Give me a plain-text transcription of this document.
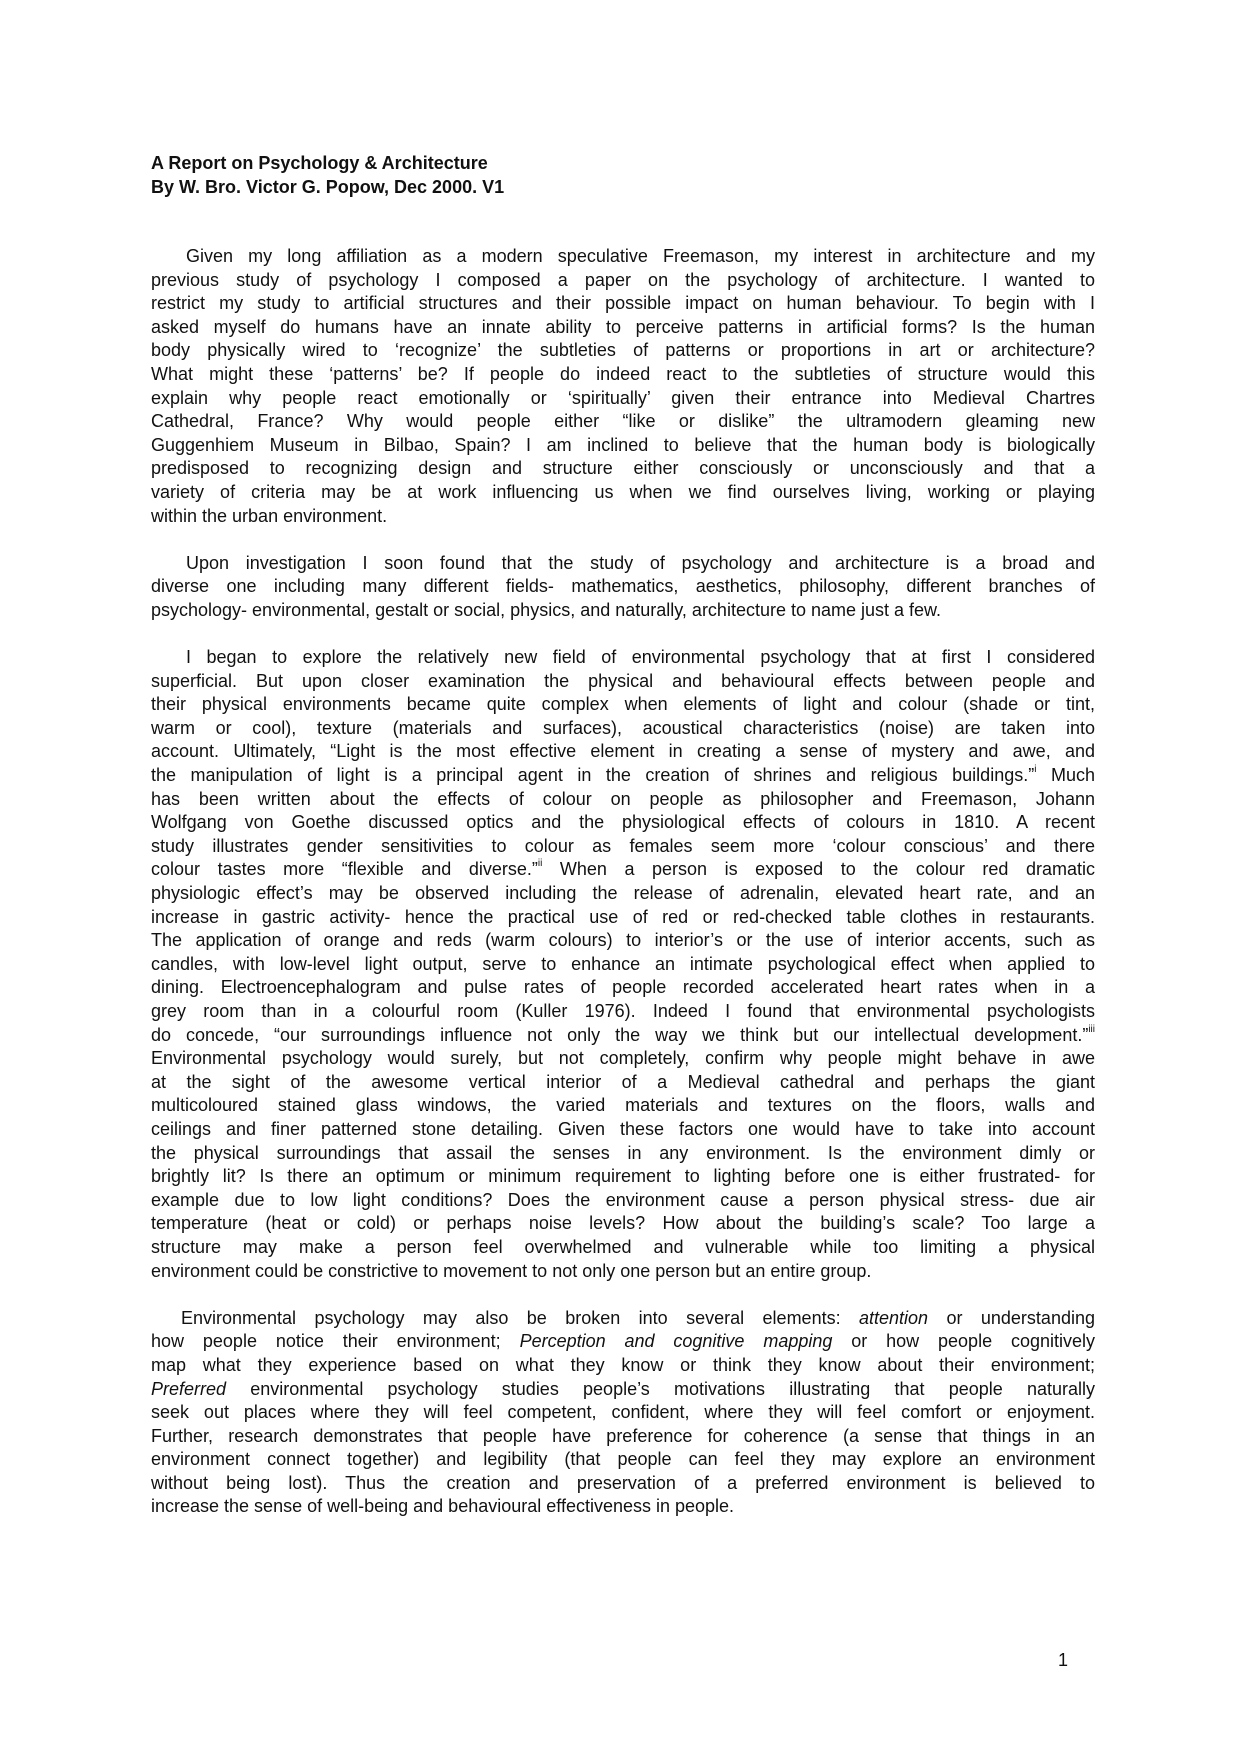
A Report on Psychology & Architecture
By W. Bro. Victor G. Popow, Dec 2000. V1
Given my long affiliation as a modern speculative Freemason, my interest in architecture and my
previous study of psychology I composed a paper on the psychology of architecture. I wanted to
restrict my study to artificial structures and their possible impact on human behaviour. To begin with I
asked myself do humans have an innate ability to perceive patterns in artificial forms? Is the human
body physically wired to ‘recognize’ the subtleties of patterns or proportions in art or architecture?
What might these ‘patterns’ be? If people do indeed react to the subtleties of structure would this
explain why people react emotionally or ‘spiritually’ given their entrance into Medieval Chartres
Cathedral, France? Why would people either “like or dislike” the ultramodern gleaming new
Guggenhiem Museum in Bilbao, Spain? I am inclined to believe that the human body is biologically
predisposed to recognizing design and structure either consciously or unconsciously and that a
variety of criteria may be at work influencing us when we find ourselves living, working or playing
within the urban environment.
Upon investigation I soon found that the study of psychology and architecture is a broad and
diverse one including many different fields- mathematics, aesthetics, philosophy, different branches of
psychology- environmental, gestalt or social, physics, and naturally, architecture to name just a few.
I began to explore the relatively new field of environmental psychology that at first I considered
superficial. But upon closer examination the physical and behavioural effects between people and
their physical environments became quite complex when elements of light and colour (shade or tint,
warm or cool), texture (materials and surfaces), acoustical characteristics (noise) are taken into
account. Ultimately, “Light is the most effective element in creating a sense of mystery and awe, and
the manipulation of light is a principal agent in the creation of shrines and religious buildings.”$^i$ Much
has been written about the effects of colour on people as philosopher and Freemason, Johann
Wolfgang von Goethe discussed optics and the physiological effects of colours in 1810. A recent
study illustrates gender sensitivities to colour as females seem more ‘colour conscious’ and there
colour tastes more “flexible and diverse.”$^{ii}$ When a person is exposed to the colour red dramatic
physiologic effect’s may be observed including the release of adrenalin, elevated heart rate, and an
increase in gastric activity- hence the practical use of red or red-checked table clothes in restaurants.
The application of orange and reds (warm colours) to interior’s or the use of interior accents, such as
candles, with low-level light output, serve to enhance an intimate psychological effect when applied to
dining. Electroencephalogram and pulse rates of people recorded accelerated heart rates when in a
grey room than in a colourful room (Kuller 1976). Indeed I found that environmental psychologists
do concede, “our surroundings influence not only the way we think but our intellectual development.”$^{iii}$
Environmental psychology would surely, but not completely, confirm why people might behave in awe
at the sight of the awesome vertical interior of a Medieval cathedral and perhaps the giant
multicoloured stained glass windows, the varied materials and textures on the floors, walls and
ceilings and finer patterned stone detailing. Given these factors one would have to take into account
the physical surroundings that assail the senses in any environment. Is the environment dimly or
brightly lit? Is there an optimum or minimum requirement to lighting before one is either frustrated- for
example due to low light conditions? Does the environment cause a person physical stress- due air
temperature (heat or cold) or perhaps noise levels? How about the building’s scale? Too large a
structure may make a person feel overwhelmed and vulnerable while too limiting a physical
environment could be constrictive to movement to not only one person but an entire group.
Environmental psychology may also be broken into several elements: attention or understanding
how people notice their environment; Perception and cognitive mapping or how people cognitively
map what they experience based on what they know or think they know about their environment;
Preferred environmental psychology studies people’s motivations illustrating that people naturally
seek out places where they will feel competent, confident, where they will feel comfort or enjoyment.
Further, research demonstrates that people have preference for coherence (a sense that things in an
environment connect together) and legibility (that people can feel they may explore an environment
without being lost). Thus the creation and preservation of a preferred environment is believed to
increase the sense of well-being and behavioural effectiveness in people.
1
